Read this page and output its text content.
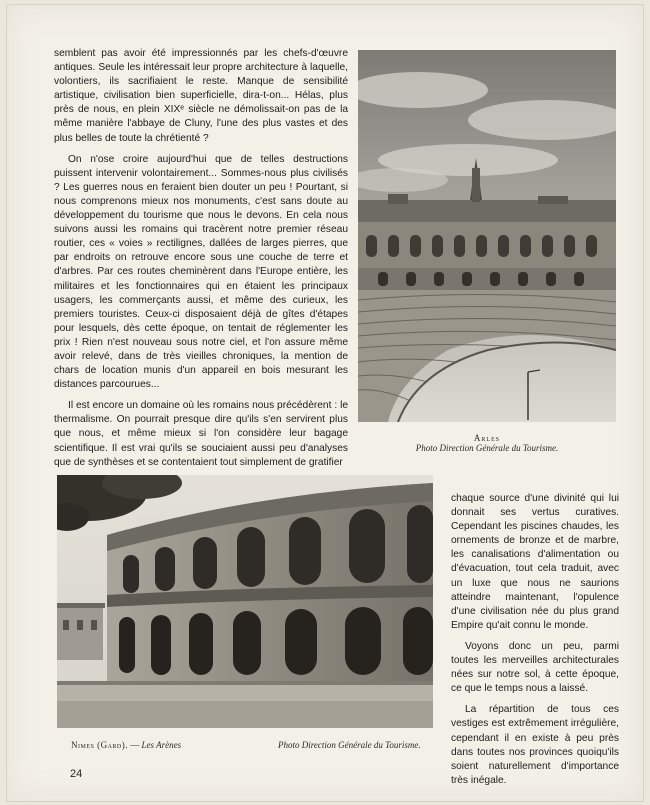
semblent pas avoir été impressionnés par les chefs-d'œuvre antiques. Seule les intéressait leur propre architecture à laquelle, volontiers, ils sacrifiaient le reste. Manque de sensibilité artistique, civilisation bien superficielle, dira-t-on... Hélas, plus près de nous, en plein XIXᵉ siècle ne démolissait-on pas de la même manière l'abbaye de Cluny, l'une des plus vastes et des plus belles de toute la chrétienté ?

On n'ose croire aujourd'hui que de telles destructions puissent intervenir volontairement... Sommes-nous plus civilisés ? Les guerres nous en feraient bien douter un peu ! Pourtant, si nous comprenons mieux nos monuments, c'est sans doute au développement du tourisme que nous le devons. En cela nous suivons aussi les romains qui tracèrent notre premier réseau routier, ces « voies » rectilignes, dallées de larges pierres, que par endroits on retrouve encore sous une couche de terre et d'arbres. Par ces routes cheminèrent dans l'Europe entière, les militaires et les fonctionnaires qui en étaient les principaux usagers, les commerçants aussi, et même des curieux, les premiers touristes. Ceux-ci disposaient déjà de gîtes d'étapes pour lesquels, dès cette époque, on tentait de réglementer les prix ! Rien n'est nouveau sous notre ciel, et l'on assure même avoir relevé, dans de très vieilles chroniques, la mention de chars de location munis d'un appareil en bois mesurant les distances parcourues...

Il est encore un domaine où les romains nous précédèrent : le thermalisme. On pourrait presque dire qu'ils s'en servirent plus que nous, et même mieux si l'on considère leur bagage scientifique. Il est vrai qu'ils se souciaient aussi peu d'analyses que de synthèses et se contentaient tout simplement de gratifier

Arles
Photo Direction Générale du Tourisme.
Nimes (Gard). — Les Arènes	Photo Direction Générale du Tourisme.

chaque source d'une divinité qui lui donnait ses vertus curatives. Cependant les piscines chaudes, les ornements de bronze et de marbre, les canalisations d'alimentation ou d'évacuation, tout cela traduit, avec un luxe que nous ne saurions atteindre maintenant, l'opulence d'une civilisation née du plus grand Empire qu'ait connu le monde.

Voyons donc un peu, parmi toutes les merveilles architecturales nées sur notre sol, à cette époque, ce que le temps nous a laissé.

La répartition de tous ces vestiges est extrêmement irrégulière, cependant il en existe à peu près dans toutes nos provinces quoiqu'ils soient naturellement d'importance très inégale.

24
